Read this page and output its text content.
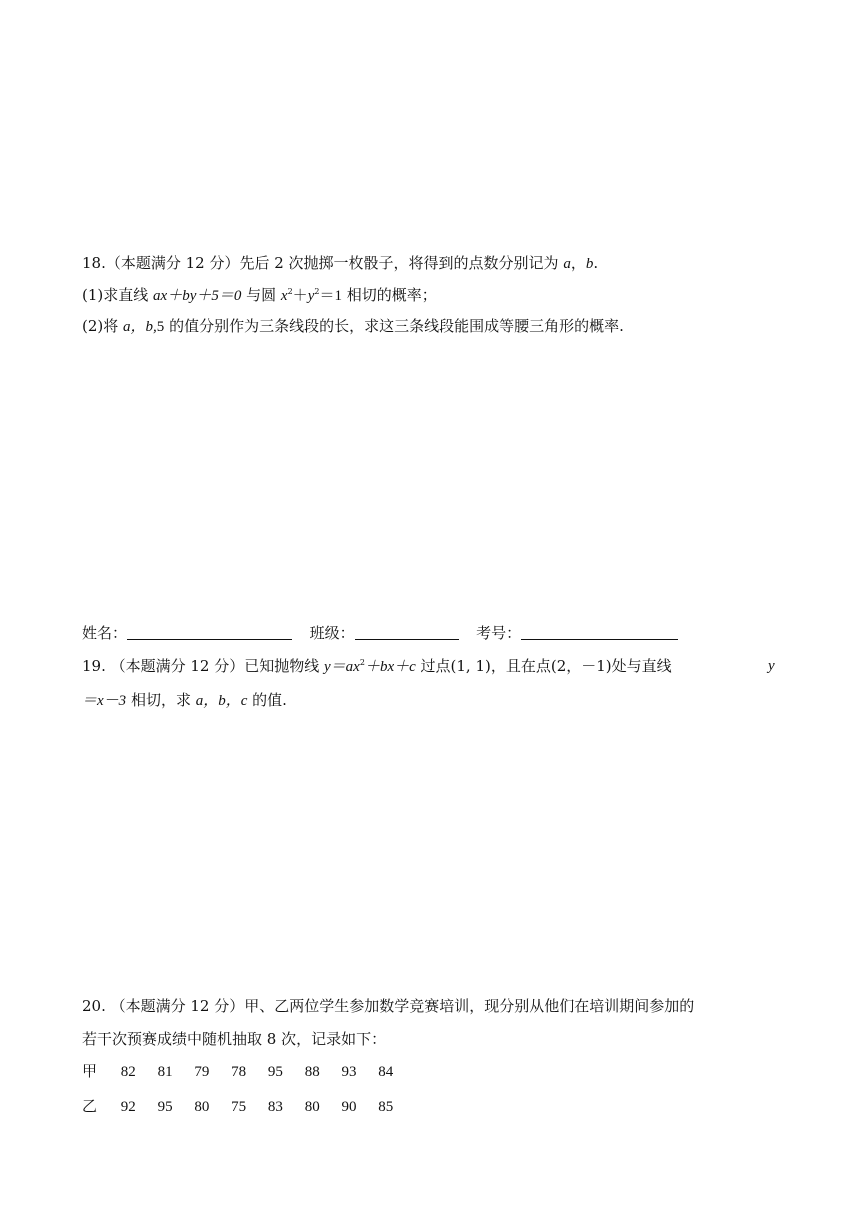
18.（本题满分 12 分）先后 2 次抛掷一枚骰子，将得到的点数分别记为 a，b.
(1)求直线 ax＋by＋5＝0 与圆 $x^2+y^2=1$ 相切的概率；
(2)将 a，b,5 的值分别作为三条线段的长，求这三条线段能围成等腰三角形的概率.
姓名：	班级：	考号：
19. （本题满分 12 分）已知抛物线 $y=ax^2+bx+c$ 过点(1, 1)，且在点(2，－1)处与直线	y
＝x－3 相切，求 a，b，c 的值.
20. （本题满分 12 分）甲、乙两位学生参加数学竞赛培训，现分别从他们在培训期间参加的
若干次预赛成绩中随机抽取 8 次，记录如下：
甲 82 81 79 78 95 88 93 84
乙 92 95 80 75 83 80 90 85
